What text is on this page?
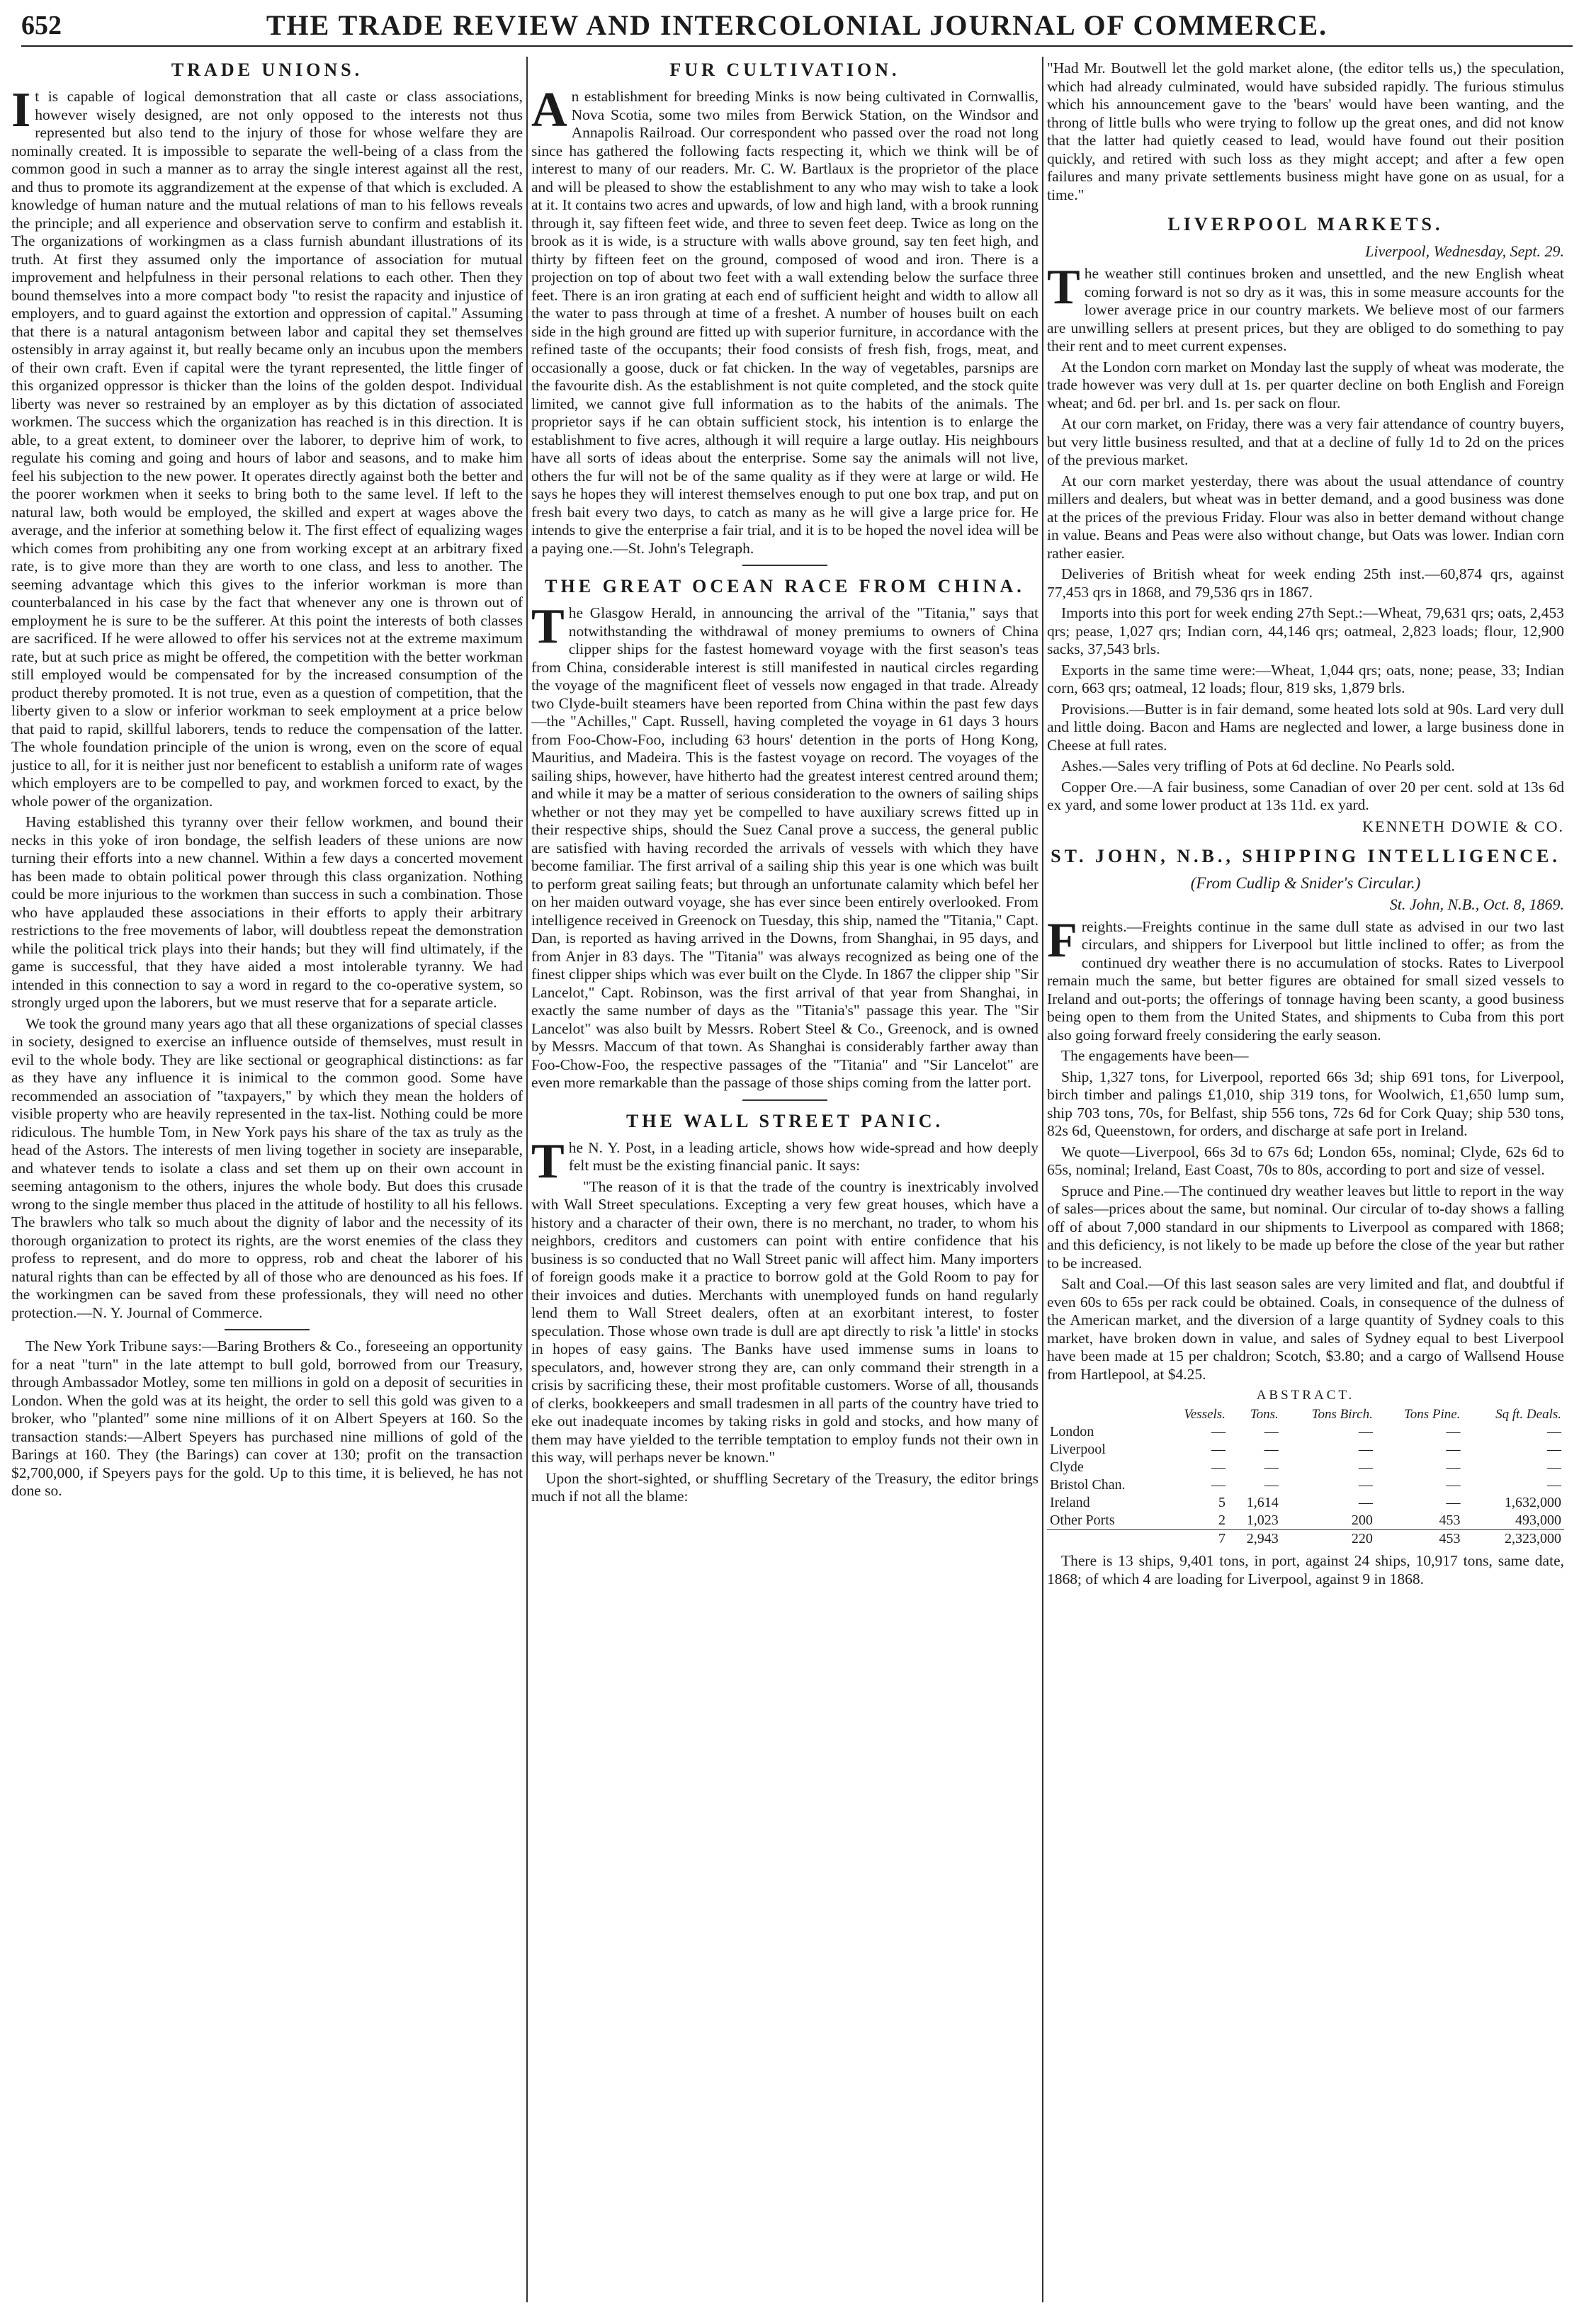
652	THE TRADE REVIEW AND INTERCOLONIAL JOURNAL OF COMMERCE.
TRADE UNIONS.

It is capable of logical demonstration that all caste or class associations, however wisely designed, are not only opposed to the interests not thus represented but also tend to the injury of those for whose welfare they are nominally created. It is impossible to separate the well-being of a class from the common good in such a manner as to array the single interest against all the rest, and thus to promote its aggrandizement at the expense of that which is excluded. A knowledge of human nature and the mutual relations of man to his fellows reveals the principle; and all experience and observation serve to confirm and establish it. The organizations of workingmen as a class furnish abundant illustrations of its truth. At first they assumed only the importance of association for mutual improvement and helpfulness in their personal relations to each other. Then they bound themselves into a more compact body "to resist the rapacity and injustice of employers, and to guard against the extortion and oppression of capital." Assuming that there is a natural antagonism between labor and capital they set themselves ostensibly in array against it, but really became only an incubus upon the members of their own craft. Even if capital were the tyrant represented, the little finger of this organized oppressor is thicker than the loins of the golden despot. Individual liberty was never so restrained by an employer as by this dictation of associated workmen. The success which the organization has reached is in this direction. It is able, to a great extent, to domineer over the laborer, to deprive him of work, to regulate his coming and going and hours of labor and seasons, and to make him feel his subjection to the new power. It operates directly against both the better and the poorer workmen when it seeks to bring both to the same level. If left to the natural law, both would be employed, the skilled and expert at wages above the average, and the inferior at something below it. The first effect of equalizing wages which comes from prohibiting any one from working except at an arbitrary fixed rate, is to give more than they are worth to one class, and less to another. The seeming advantage which this gives to the inferior workman is more than counterbalanced in his case by the fact that whenever any one is thrown out of employment he is sure to be the sufferer. At this point the interests of both classes are sacrificed. If he were allowed to offer his services not at the extreme maximum rate, but at such price as might be offered, the competition with the better workman still employed would be compensated for by the increased consumption of the product thereby promoted. It is not true, even as a question of competition, that the liberty given to a slow or inferior workman to seek employment at a price below that paid to rapid, skillful laborers, tends to reduce the compensation of the latter. The whole foundation principle of the union is wrong, even on the score of equal justice to all, for it is neither just nor beneficent to establish a uniform rate of wages which employers are to be compelled to pay, and workmen forced to exact, by the whole power of the organization.

Having established this tyranny over their fellow workmen, and bound their necks in this yoke of iron bondage, the selfish leaders of these unions are now turning their efforts into a new channel. Within a few days a concerted movement has been made to obtain political power through this class organization. Nothing could be more injurious to the workmen than success in such a combination. Those who have applauded these associations in their efforts to apply their arbitrary restrictions to the free movements of labor, will doubtless repeat the demonstration while the political trick plays into their hands; but they will find ultimately, if the game is successful, that they have aided a most intolerable tyranny. We had intended in this connection to say a word in regard to the co-operative system, so strongly urged upon the laborers, but we must reserve that for a separate article.

We took the ground many years ago that all these organizations of special classes in society, designed to exercise an influence outside of themselves, must result in evil to the whole body. They are like sectional or geographical distinctions: as far as they have any influence it is inimical to the common good. Some have recommended an association of "taxpayers," by which they mean the holders of visible property who are heavily represented in the tax-list. Nothing could be more ridiculous. The humble Tom, in New York pays his share of the tax as truly as the head of the Astors. The interests of men living together in society are inseparable, and whatever tends to isolate a class and set them up on their own account in seeming antagonism to the others, injures the whole body. But does this crusade wrong to the single member thus placed in the attitude of hostility to all his fellows. The brawlers who talk so much about the dignity of labor and the necessity of its thorough organization to protect its rights, are the worst enemies of the class they profess to represent, and do more to oppress, rob and cheat the laborer of his natural rights than can be effected by all of those who are denounced as his foes. If the workingmen can be saved from these professionals, they will need no other protection.—N. Y. Journal of Commerce.

The New York Tribune says:—Baring Brothers & Co., foreseeing an opportunity for a neat "turn" in the late attempt to bull gold, borrowed from our Treasury, through Ambassador Motley, some ten millions in gold on a deposit of securities in London. When the gold was at its height, the order to sell this gold was given to a broker, who "planted" some nine millions of it on Albert Speyers at 160. So the transaction stands:—Albert Speyers has purchased nine millions of gold of the Barings at 160. They (the Barings) can cover at 130; profit on the transaction $2,700,000, if Speyers pays for the gold. Up to this time, it is believed, he has not done so.

FUR CULTIVATION.

An establishment for breeding Minks is now being cultivated in Cornwallis, Nova Scotia, some two miles from Berwick Station, on the Windsor and Annapolis Railroad. Our correspondent who passed over the road not long since has gathered the following facts respecting it, which we think will be of interest to many of our readers. Mr. C. W. Bartlaux is the proprietor of the place and will be pleased to show the establishment to any who may wish to take a look at it. It contains two acres and upwards, of low and high land, with a brook running through it, say fifteen feet wide, and three to seven feet deep. Twice as long on the brook as it is wide, is a structure with walls above ground, say ten feet high, and thirty by fifteen feet on the ground, composed of wood and iron. There is a projection on top of about two feet with a wall extending below the surface three feet. There is an iron grating at each end of sufficient height and width to allow all the water to pass through at time of a freshet. A number of houses built on each side in the high ground are fitted up with superior furniture, in accordance with the refined taste of the occupants; their food consists of fresh fish, frogs, meat, and occasionally a goose, duck or fat chicken. In the way of vegetables, parsnips are the favourite dish. As the establishment is not quite completed, and the stock quite limited, we cannot give full information as to the habits of the animals. The proprietor says if he can obtain sufficient stock, his intention is to enlarge the establishment to five acres, although it will require a large outlay. His neighbours have all sorts of ideas about the enterprise. Some say the animals will not live, others the fur will not be of the same quality as if they were at large or wild. He says he hopes they will interest themselves enough to put one box trap, and put on fresh bait every two days, to catch as many as he will give a large price for. He intends to give the enterprise a fair trial, and it is to be hoped the novel idea will be a paying one.—St. John's Telegraph.

THE GREAT OCEAN RACE FROM CHINA.

The Glasgow Herald, in announcing the arrival of the "Titania," says that notwithstanding the withdrawal of money premiums to owners of China clipper ships for the fastest homeward voyage with the first season's teas from China, considerable interest is still manifested in nautical circles regarding the voyage of the magnificent fleet of vessels now engaged in that trade. Already two Clyde-built steamers have been reported from China within the past few days—the "Achilles," Capt. Russell, having completed the voyage in 61 days 3 hours from Foo-Chow-Foo, including 63 hours' detention in the ports of Hong Kong, Mauritius, and Madeira. This is the fastest voyage on record. The voyages of the sailing ships, however, have hitherto had the greatest interest centred around them; and while it may be a matter of serious consideration to the owners of sailing ships whether or not they may yet be compelled to have auxiliary screws fitted up in their respective ships, should the Suez Canal prove a success, the general public are satisfied with having recorded the arrivals of vessels with which they have become familiar. The first arrival of a sailing ship this year is one which was built to perform great sailing feats; but through an unfortunate calamity which befel her on her maiden outward voyage, she has ever since been entirely overlooked. From intelligence received in Greenock on Tuesday, this ship, named the "Titania," Capt. Dan, is reported as having arrived in the Downs, from Shanghai, in 95 days, and from Anjer in 83 days. The "Titania" was always recognized as being one of the finest clipper ships which was ever built on the Clyde. In 1867 the clipper ship "Sir Lancelot," Capt. Robinson, was the first arrival of that year from Shanghai, in exactly the same number of days as the "Titania's" passage this year. The "Sir Lancelot" was also built by Messrs. Robert Steel & Co., Greenock, and is owned by Messrs. Maccum of that town. As Shanghai is considerably farther away than Foo-Chow-Foo, the respective passages of the "Titania" and "Sir Lancelot" are even more remarkable than the passage of those ships coming from the latter port.

THE WALL STREET PANIC.

The N. Y. Post, in a leading article, shows how wide-spread and how deeply felt must be the existing financial panic. It says:

"The reason of it is that the trade of the country is inextricably involved with Wall Street speculations. Excepting a very few great houses, which have a history and a character of their own, there is no merchant, no trader, to whom his neighbors, creditors and customers can point with entire confidence that his business is so conducted that no Wall Street panic will affect him. Many importers of foreign goods make it a practice to borrow gold at the Gold Room to pay for their invoices and duties. Merchants with unemployed funds on hand regularly lend them to Wall Street dealers, often at an exorbitant interest, to foster speculation. Those whose own trade is dull are apt directly to risk 'a little' in stocks in hopes of easy gains. The Banks have used immense sums in loans to speculators, and, however strong they are, can only command their strength in a crisis by sacrificing these, their most profitable customers. Worse of all, thousands of clerks, bookkeepers and small tradesmen in all parts of the country have tried to eke out inadequate incomes by taking risks in gold and stocks, and how many of them may have yielded to the terrible temptation to employ funds not their own in this way, will perhaps never be known."

Upon the short-sighted, or shuffling Secretary of the Treasury, the editor brings much if not all the blame:

"Had Mr. Boutwell let the gold market alone, (the editor tells us,) the speculation, which had already culminated, would have subsided rapidly. The furious stimulus which his announcement gave to the 'bears' would have been wanting, and the throng of little bulls who were trying to follow up the great ones, and did not know that the latter had quietly ceased to lead, would have found out their position quickly, and retired with such loss as they might accept; and after a few open failures and many private settlements business might have gone on as usual, for a time."

LIVERPOOL MARKETS.
Liverpool, Wednesday, Sept. 29.

The weather still continues broken and unsettled, and the new English wheat coming forward is not so dry as it was, this in some measure accounts for the lower average price in our country markets. We believe most of our farmers are unwilling sellers at present prices, but they are obliged to do something to pay their rent and to meet current expenses.

At the London corn market on Monday last the supply of wheat was moderate, the trade however was very dull at 1s. per quarter decline on both English and Foreign wheat; and 6d. per brl. and 1s. per sack on flour.

At our corn market, on Friday, there was a very fair attendance of country buyers, but very little business resulted, and that at a decline of fully 1d to 2d on the prices of the previous market.

At our corn market yesterday, there was about the usual attendance of country millers and dealers, but wheat was in better demand, and a good business was done at the prices of the previous Friday. Flour was also in better demand without change in value. Beans and Peas were also without change, but Oats was lower. Indian corn rather easier.

Deliveries of British wheat for week ending 25th inst.—60,874 qrs, against 77,453 qrs in 1868, and 79,536 qrs in 1867.

Imports into this port for week ending 27th Sept.:—Wheat, 79,631 qrs; oats, 2,453 qrs; pease, 1,027 qrs; Indian corn, 44,146 qrs; oatmeal, 2,823 loads; flour, 12,900 sacks, 37,543 brls.

Exports in the same time were:—Wheat, 1,044 qrs; oats, none; pease, 33; Indian corn, 663 qrs; oatmeal, 12 loads; flour, 819 sks, 1,879 brls.

Provisions.—Butter is in fair demand, some heated lots sold at 90s. Lard very dull and little doing. Bacon and Hams are neglected and lower, a large business done in Cheese at full rates.

Ashes.—Sales very trifling of Pots at 6d decline. No Pearls sold.

Copper Ore.—A fair business, some Canadian of over 20 per cent. sold at 13s 6d ex yard, and some lower product at 13s 11d. ex yard.

KENNETH DOWIE & CO.
ST. JOHN, N.B., SHIPPING INTELLIGENCE.
(From Cudlip & Snider's Circular.)
St. John, N.B., Oct. 8, 1869.

Freights.—Freights continue in the same dull state as advised in our two last circulars, and shippers for Liverpool but little inclined to offer; as from the continued dry weather there is no accumulation of stocks. Rates to Liverpool remain much the same, but better figures are obtained for small sized vessels to Ireland and out-ports; the offerings of tonnage having been scanty, a good business being open to them from the United States, and shipments to Cuba from this port also going forward freely considering the early season.

The engagements have been—

Ship, 1,327 tons, for Liverpool, reported 66s 3d; ship 691 tons, for Liverpool, birch timber and palings £1,010, ship 319 tons, for Woolwich, £1,650 lump sum, ship 703 tons, 70s, for Belfast, ship 556 tons, 72s 6d for Cork Quay; ship 530 tons, 82s 6d, Queenstown, for orders, and discharge at safe port in Ireland.

We quote—Liverpool, 66s 3d to 67s 6d; London 65s, nominal; Clyde, 62s 6d to 65s, nominal; Ireland, East Coast, 70s to 80s, according to port and size of vessel.

Spruce and Pine.—The continued dry weather leaves but little to report in the way of sales—prices about the same, but nominal. Our circular of to-day shows a falling off of about 7,000 standard in our shipments to Liverpool as compared with 1868; and this deficiency, is not likely to be made up before the close of the year but rather to be increased.

Salt and Coal.—Of this last season sales are very limited and flat, and doubtful if even 60s to 65s per rack could be obtained. Coals, in consequence of the dulness of the American market, and the diversion of a large quantity of Sydney coals to this market, have broken down in value, and sales of Sydney equal to best Liverpool have been made at 15 per chaldron; Scotch, $3.80; and a cargo of Wallsend House from Hartlepool, at $4.25.

ABSTRACT.
	Vessels.	Tons.	Tons Birch.	Tons Pine.	Sq ft. Deals.
London	—	—	—	—	—
Liverpool	—	—	—	—	—
Clyde	—	—	—	—	—
Bristol Chan.	—	—	—	—	—
Ireland	5	1,614	—	—	1,632,000
Other Ports	2	1,023	200	453	493,000
	7	2,943	220	453	2,323,000

There is 13 ships, 9,401 tons, in port, against 24 ships, 10,917 tons, same date, 1868; of which 4 are loading for Liverpool, against 9 in 1868.
